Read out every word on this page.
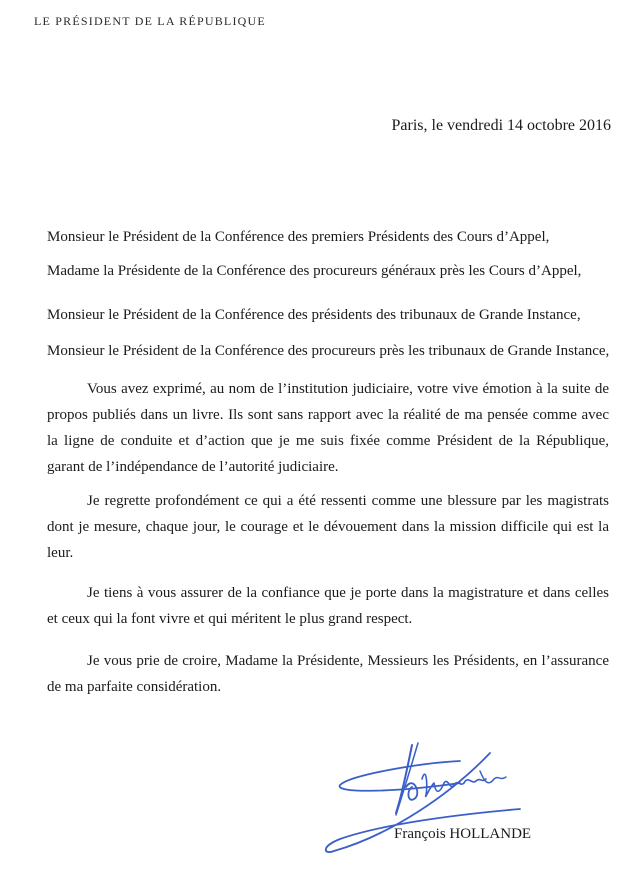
LE PRÉSIDENT DE LA RÉPUBLIQUE
Paris, le vendredi 14 octobre 2016
Monsieur le Président de la Conférence des premiers Présidents des Cours d’Appel,
Madame la Présidente de la Conférence des procureurs généraux près les Cours d’Appel,
Monsieur le Président de la Conférence des présidents des tribunaux de Grande Instance,
Monsieur le Président de la Conférence des procureurs près les tribunaux de Grande Instance,

Vous avez exprimé, au nom de l’institution judiciaire, votre vive émotion à la suite de propos publiés dans un livre. Ils sont sans rapport avec la réalité de ma pensée comme avec la ligne de conduite et d’action que je me suis fixée comme Président de la République, garant de l’indépendance de l’autorité judiciaire.

Je regrette profondément ce qui a été ressenti comme une blessure par les magistrats dont je mesure, chaque jour, le courage et le dévouement dans la mission difficile qui est la leur.

Je tiens à vous assurer de la confiance que je porte dans la magistrature et dans celles et ceux qui la font vivre et qui méritent le plus grand respect.

Je vous prie de croire, Madame la Présidente, Messieurs les Présidents, en l’assurance de ma parfaite considération.

François HOLLANDE
